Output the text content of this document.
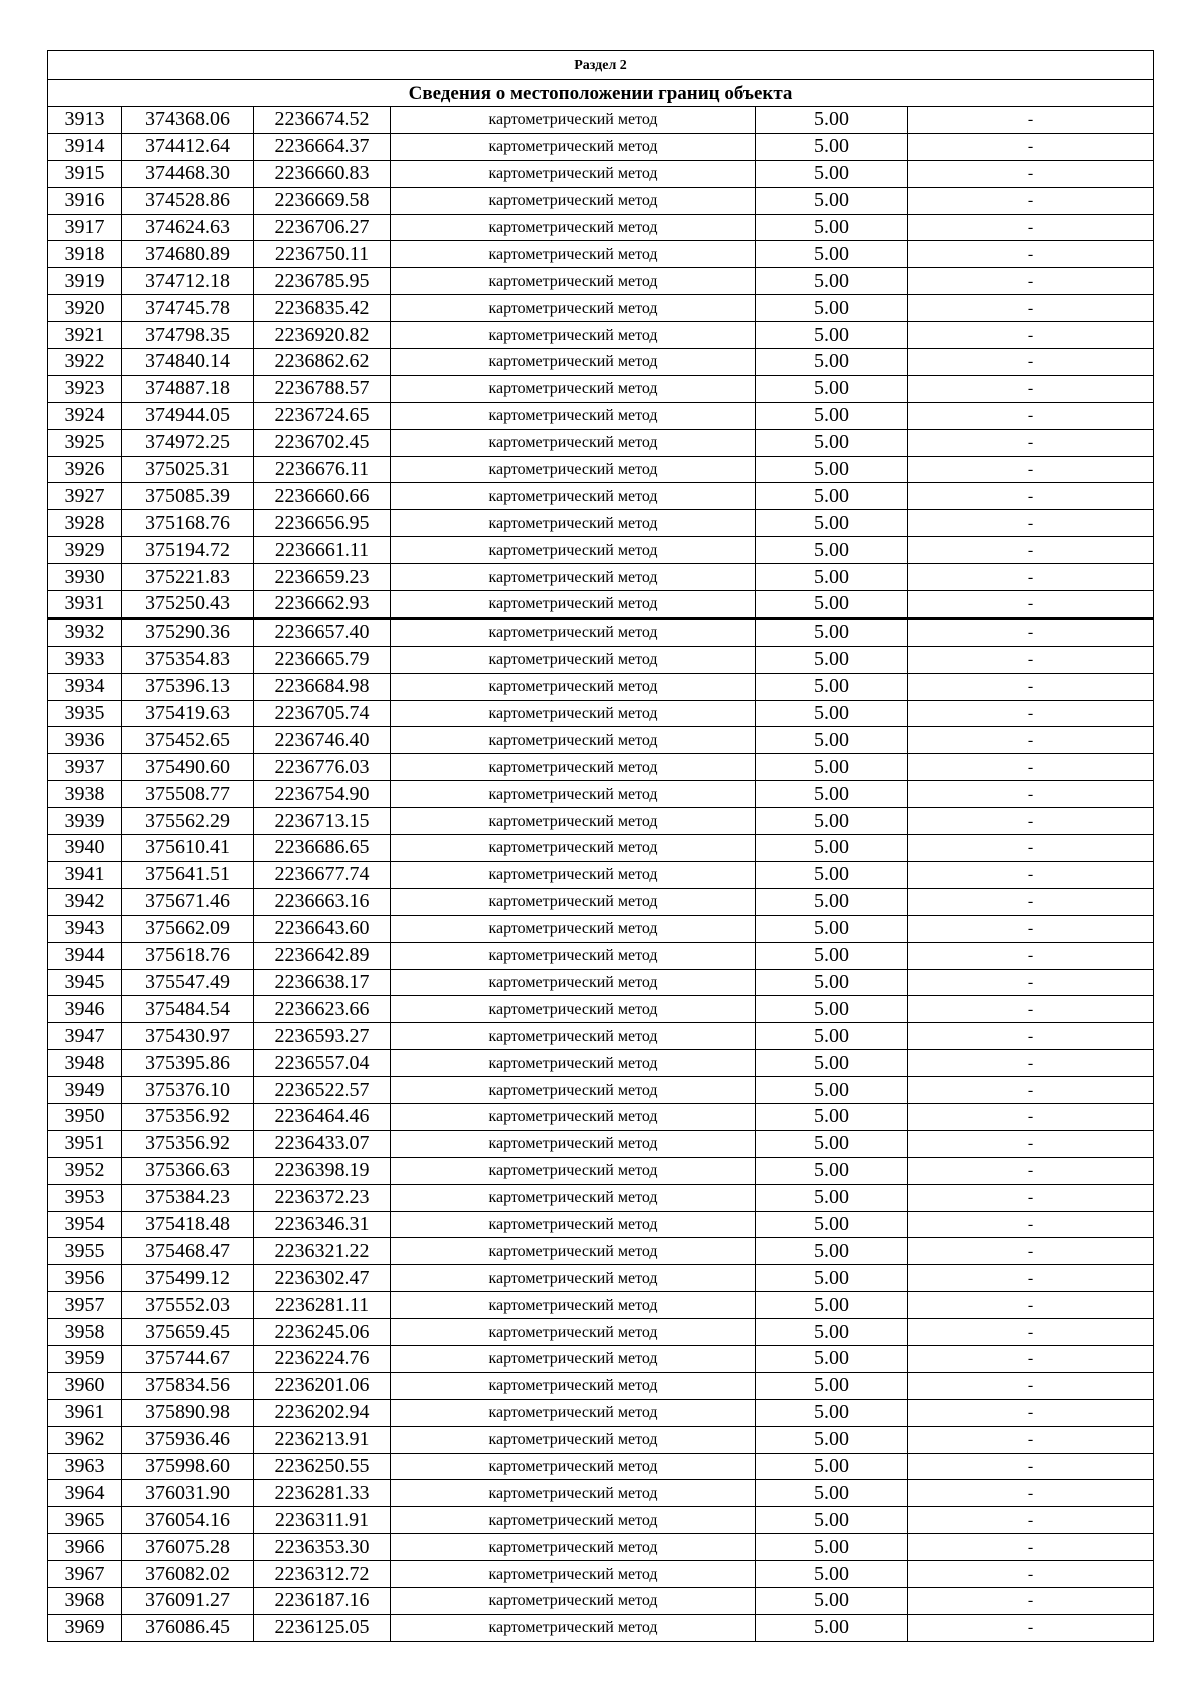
Раздел 2					
Сведения о местоположении границ объекта					
3913	374368.06	2236674.52	картометрический метод	5.00	-
3914	374412.64	2236664.37	картометрический метод	5.00	-
3915	374468.30	2236660.83	картометрический метод	5.00	-
3916	374528.86	2236669.58	картометрический метод	5.00	-
3917	374624.63	2236706.27	картометрический метод	5.00	-
3918	374680.89	2236750.11	картометрический метод	5.00	-
3919	374712.18	2236785.95	картометрический метод	5.00	-
3920	374745.78	2236835.42	картометрический метод	5.00	-
3921	374798.35	2236920.82	картометрический метод	5.00	-
3922	374840.14	2236862.62	картометрический метод	5.00	-
3923	374887.18	2236788.57	картометрический метод	5.00	-
3924	374944.05	2236724.65	картометрический метод	5.00	-
3925	374972.25	2236702.45	картометрический метод	5.00	-
3926	375025.31	2236676.11	картометрический метод	5.00	-
3927	375085.39	2236660.66	картометрический метод	5.00	-
3928	375168.76	2236656.95	картометрический метод	5.00	-
3929	375194.72	2236661.11	картометрический метод	5.00	-
3930	375221.83	2236659.23	картометрический метод	5.00	-
3931	375250.43	2236662.93	картометрический метод	5.00	-
3932	375290.36	2236657.40	картометрический метод	5.00	-
3933	375354.83	2236665.79	картометрический метод	5.00	-
3934	375396.13	2236684.98	картометрический метод	5.00	-
3935	375419.63	2236705.74	картометрический метод	5.00	-
3936	375452.65	2236746.40	картометрический метод	5.00	-
3937	375490.60	2236776.03	картометрический метод	5.00	-
3938	375508.77	2236754.90	картометрический метод	5.00	-
3939	375562.29	2236713.15	картометрический метод	5.00	-
3940	375610.41	2236686.65	картометрический метод	5.00	-
3941	375641.51	2236677.74	картометрический метод	5.00	-
3942	375671.46	2236663.16	картометрический метод	5.00	-
3943	375662.09	2236643.60	картометрический метод	5.00	-
3944	375618.76	2236642.89	картометрический метод	5.00	-
3945	375547.49	2236638.17	картометрический метод	5.00	-
3946	375484.54	2236623.66	картометрический метод	5.00	-
3947	375430.97	2236593.27	картометрический метод	5.00	-
3948	375395.86	2236557.04	картометрический метод	5.00	-
3949	375376.10	2236522.57	картометрический метод	5.00	-
3950	375356.92	2236464.46	картометрический метод	5.00	-
3951	375356.92	2236433.07	картометрический метод	5.00	-
3952	375366.63	2236398.19	картометрический метод	5.00	-
3953	375384.23	2236372.23	картометрический метод	5.00	-
3954	375418.48	2236346.31	картометрический метод	5.00	-
3955	375468.47	2236321.22	картометрический метод	5.00	-
3956	375499.12	2236302.47	картометрический метод	5.00	-
3957	375552.03	2236281.11	картометрический метод	5.00	-
3958	375659.45	2236245.06	картометрический метод	5.00	-
3959	375744.67	2236224.76	картометрический метод	5.00	-
3960	375834.56	2236201.06	картометрический метод	5.00	-
3961	375890.98	2236202.94	картометрический метод	5.00	-
3962	375936.46	2236213.91	картометрический метод	5.00	-
3963	375998.60	2236250.55	картометрический метод	5.00	-
3964	376031.90	2236281.33	картометрический метод	5.00	-
3965	376054.16	2236311.91	картометрический метод	5.00	-
3966	376075.28	2236353.30	картометрический метод	5.00	-
3967	376082.02	2236312.72	картометрический метод	5.00	-
3968	376091.27	2236187.16	картометрический метод	5.00	-
3969	376086.45	2236125.05	картометрический метод	5.00	-
